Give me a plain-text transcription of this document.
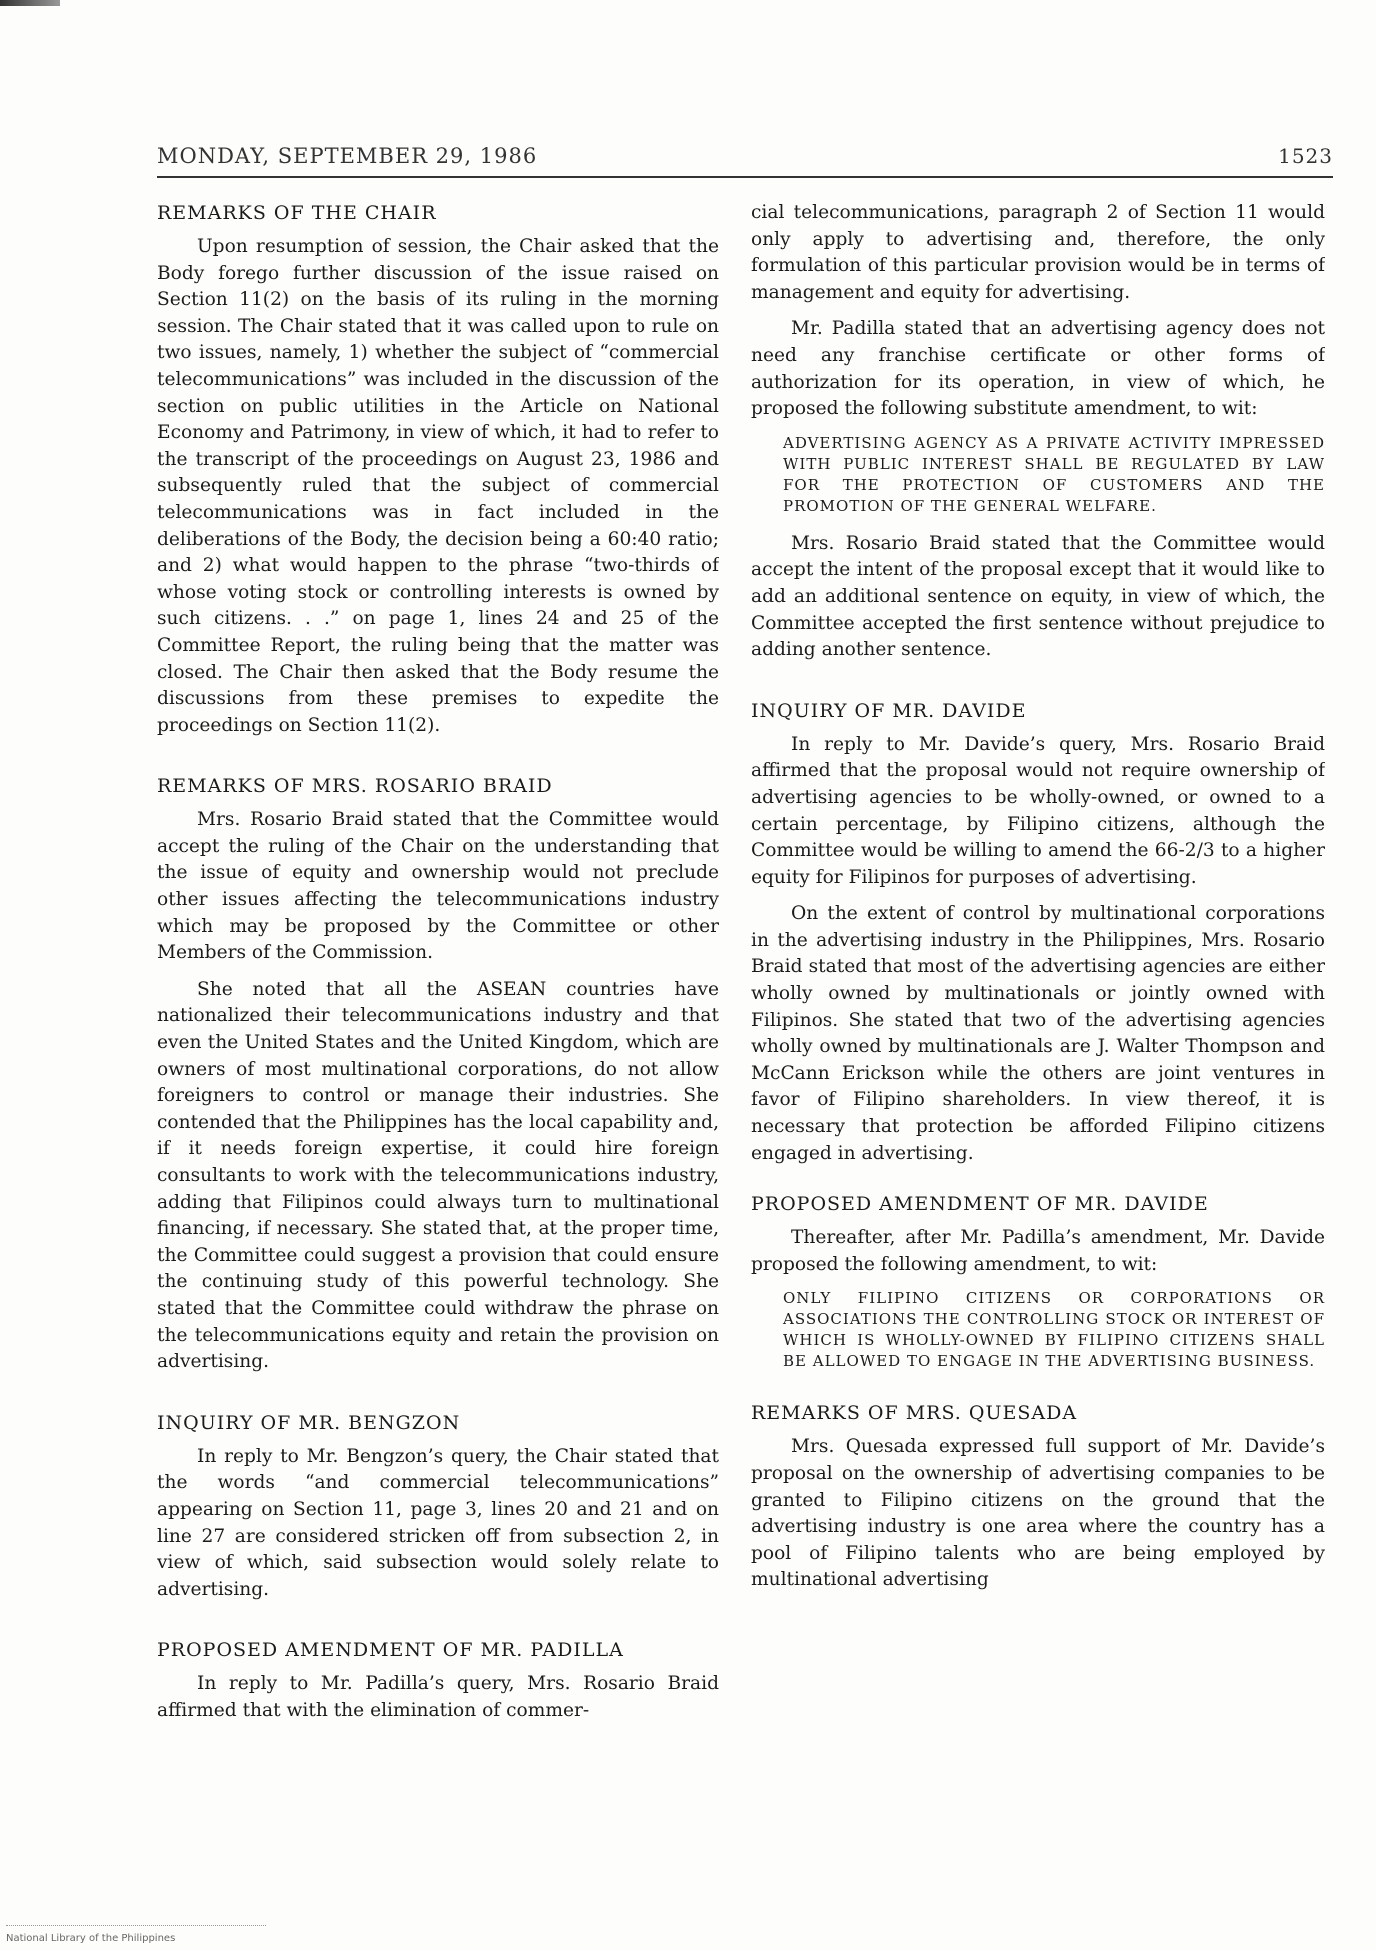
MONDAY, SEPTEMBER 29, 1986	1523
REMARKS OF THE CHAIR

Upon resumption of session, the Chair asked that the Body forego further discussion of the issue raised on Section 11(2) on the basis of its ruling in the morning session. The Chair stated that it was called upon to rule on two issues, namely, 1) whether the subject of “commercial telecommunications” was included in the discussion of the section on public utilities in the Article on National Economy and Patrimony, in view of which, it had to refer to the transcript of the proceedings on August 23, 1986 and subsequently ruled that the subject of commercial telecommunications was in fact included in the deliberations of the Body, the decision being a 60:40 ratio; and 2) what would happen to the phrase “two-thirds of whose voting stock or controlling interests is owned by such citizens. . .” on page 1, lines 24 and 25 of the Committee Report, the ruling being that the matter was closed. The Chair then asked that the Body resume the discussions from these premises to expedite the proceedings on Section 11(2).

REMARKS OF MRS. ROSARIO BRAID

Mrs. Rosario Braid stated that the Committee would accept the ruling of the Chair on the understanding that the issue of equity and ownership would not preclude other issues affecting the telecommunications industry which may be proposed by the Committee or other Members of the Commission.

She noted that all the ASEAN countries have nationalized their telecommunications industry and that even the United States and the United Kingdom, which are owners of most multinational corporations, do not allow foreigners to control or manage their industries. She contended that the Philippines has the local capability and, if it needs foreign expertise, it could hire foreign consultants to work with the telecommunications industry, adding that Filipinos could always turn to multinational financing, if necessary. She stated that, at the proper time, the Committee could suggest a provision that could ensure the continuing study of this powerful technology. She stated that the Committee could withdraw the phrase on the telecommunications equity and retain the provision on advertising.

INQUIRY OF MR. BENGZON

In reply to Mr. Bengzon’s query, the Chair stated that the words “and commercial telecommunications” appearing on Section 11, page 3, lines 20 and 21 and on line 27 are considered stricken off from subsection 2, in view of which, said subsection would solely relate to advertising.

PROPOSED AMENDMENT OF MR. PADILLA

In reply to Mr. Padilla’s query, Mrs. Rosario Braid affirmed that with the elimination of commer-

cial telecommunications, paragraph 2 of Section 11 would only apply to advertising and, therefore, the only formulation of this particular provision would be in terms of management and equity for advertising.

Mr. Padilla stated that an advertising agency does not need any franchise certificate or other forms of authorization for its operation, in view of which, he proposed the following substitute amendment, to wit:

ADVERTISING AGENCY AS A PRIVATE ACTIVITY IMPRESSED WITH PUBLIC INTEREST SHALL BE REGULATED BY LAW FOR THE PROTECTION OF CUSTOMERS AND THE PROMOTION OF THE GENERAL WELFARE.

Mrs. Rosario Braid stated that the Committee would accept the intent of the proposal except that it would like to add an additional sentence on equity, in view of which, the Committee accepted the first sentence without prejudice to adding another sentence.

INQUIRY OF MR. DAVIDE

In reply to Mr. Davide’s query, Mrs. Rosario Braid affirmed that the proposal would not require ownership of advertising agencies to be wholly-owned, or owned to a certain percentage, by Filipino citizens, although the Committee would be willing to amend the 66-2/3 to a higher equity for Filipinos for purposes of advertising.

On the extent of control by multinational corporations in the advertising industry in the Philippines, Mrs. Rosario Braid stated that most of the advertising agencies are either wholly owned by multinationals or jointly owned with Filipinos. She stated that two of the advertising agencies wholly owned by multinationals are J. Walter Thompson and McCann Erickson while the others are joint ventures in favor of Filipino shareholders. In view thereof, it is necessary that protection be afforded Filipino citizens engaged in advertising.

PROPOSED AMENDMENT OF MR. DAVIDE

Thereafter, after Mr. Padilla’s amendment, Mr. Davide proposed the following amendment, to wit:

ONLY FILIPINO CITIZENS OR CORPORATIONS OR ASSOCIATIONS THE CONTROLLING STOCK OR INTEREST OF WHICH IS WHOLLY-OWNED BY FILIPINO CITIZENS SHALL BE ALLOWED TO ENGAGE IN THE ADVERTISING BUSINESS.
REMARKS OF MRS. QUESADA

Mrs. Quesada expressed full support of Mr. Davide’s proposal on the ownership of advertising companies to be granted to Filipino citizens on the ground that the advertising industry is one area where the country has a pool of Filipino talents who are being employed by multinational advertising

National Library of the Philippines
